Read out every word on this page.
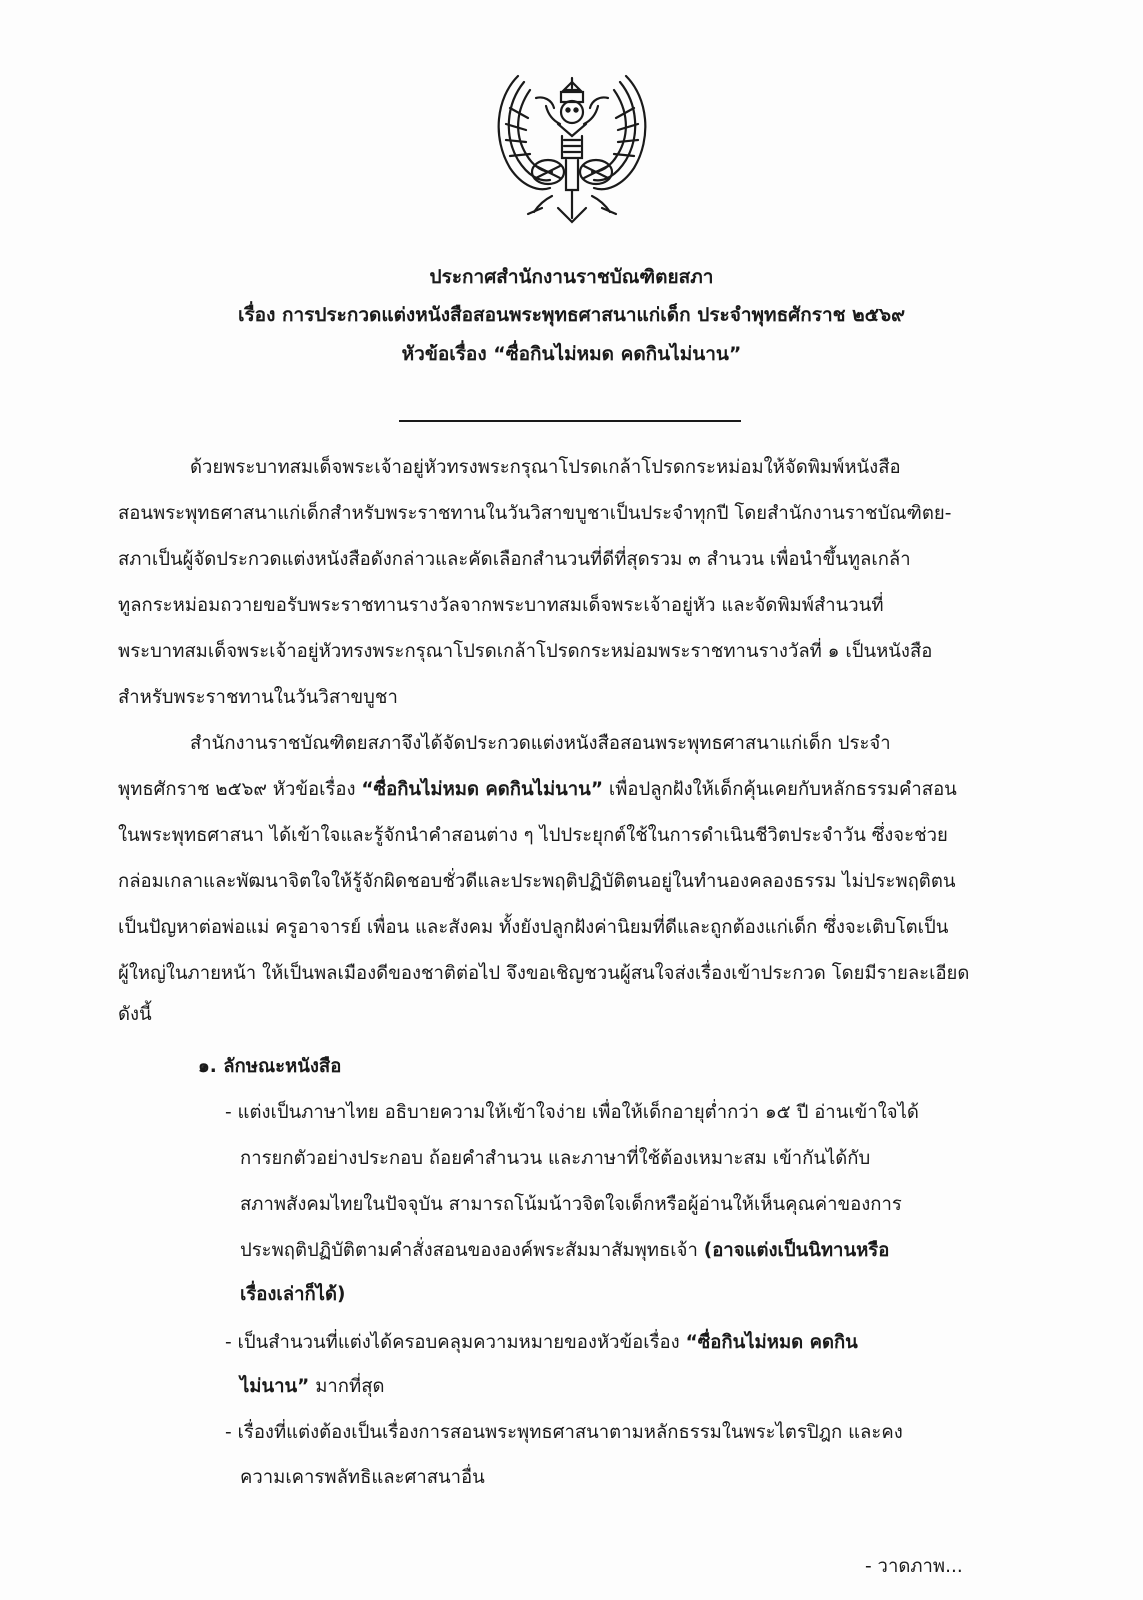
ประกาศสำนักงานราชบัณฑิตยสภา
เรื่อง การประกวดแต่งหนังสือสอนพระพุทธศาสนาแก่เด็ก ประจำพุทธศักราช ๒๕๖๙
หัวข้อเรื่อง “ซื่อกินไม่หมด คดกินไม่นาน”
ด้วยพระบาทสมเด็จพระเจ้าอยู่หัวทรงพระกรุณาโปรดเกล้าโปรดกระหม่อมให้จัดพิมพ์หนังสือ
สอนพระพุทธศาสนาแก่เด็กสำหรับพระราชทานในวันวิสาขบูชาเป็นประจำทุกปี โดยสำนักงานราชบัณฑิตย-
สภาเป็นผู้จัดประกวดแต่งหนังสือดังกล่าวและคัดเลือกสำนวนที่ดีที่สุดรวม ๓ สำนวน เพื่อนำขึ้นทูลเกล้า
ทูลกระหม่อมถวายขอรับพระราชทานรางวัลจากพระบาทสมเด็จพระเจ้าอยู่หัว และจัดพิมพ์สำนวนที่
พระบาทสมเด็จพระเจ้าอยู่หัวทรงพระกรุณาโปรดเกล้าโปรดกระหม่อมพระราชทานรางวัลที่ ๑ เป็นหนังสือ
สำหรับพระราชทานในวันวิสาขบูชา
สำนักงานราชบัณฑิตยสภาจึงได้จัดประกวดแต่งหนังสือสอนพระพุทธศาสนาแก่เด็ก ประจำ
พุทธศักราช ๒๕๖๙ หัวข้อเรื่อง “ซื่อกินไม่หมด คดกินไม่นาน” เพื่อปลูกฝังให้เด็กคุ้นเคยกับหลักธรรมคำสอน
ในพระพุทธศาสนา ได้เข้าใจและรู้จักนำคำสอนต่าง ๆ ไปประยุกต์ใช้ในการดำเนินชีวิตประจำวัน ซึ่งจะช่วย
กล่อมเกลาและพัฒนาจิตใจให้รู้จักผิดชอบชั่วดีและประพฤติปฏิบัติตนอยู่ในทำนองคลองธรรม ไม่ประพฤติตน
เป็นปัญหาต่อพ่อแม่ ครูอาจารย์ เพื่อน และสังคม ทั้งยังปลูกฝังค่านิยมที่ดีและถูกต้องแก่เด็ก ซึ่งจะเติบโตเป็น
ผู้ใหญ่ในภายหน้า ให้เป็นพลเมืองดีของชาติต่อไป จึงขอเชิญชวนผู้สนใจส่งเรื่องเข้าประกวด โดยมีรายละเอียด
ดังนี้
๑. ลักษณะหนังสือ
- แต่งเป็นภาษาไทย อธิบายความให้เข้าใจง่าย เพื่อให้เด็กอายุต่ำกว่า ๑๕ ปี อ่านเข้าใจได้
การยกตัวอย่างประกอบ ถ้อยคำสำนวน และภาษาที่ใช้ต้องเหมาะสม เข้ากันได้กับ
สภาพสังคมไทยในปัจจุบัน สามารถโน้มน้าวจิตใจเด็กหรือผู้อ่านให้เห็นคุณค่าของการ
ประพฤติปฏิบัติตามคำสั่งสอนขององค์พระสัมมาสัมพุทธเจ้า (อาจแต่งเป็นนิทานหรือ
เรื่องเล่าก็ได้)
- เป็นสำนวนที่แต่งได้ครอบคลุมความหมายของหัวข้อเรื่อง “ซื่อกินไม่หมด คดกิน
ไม่นาน” มากที่สุด
- เรื่องที่แต่งต้องเป็นเรื่องการสอนพระพุทธศาสนาตามหลักธรรมในพระไตรปิฎก และคง
ความเคารพลัทธิและศาสนาอื่น
- วาดภาพ...
